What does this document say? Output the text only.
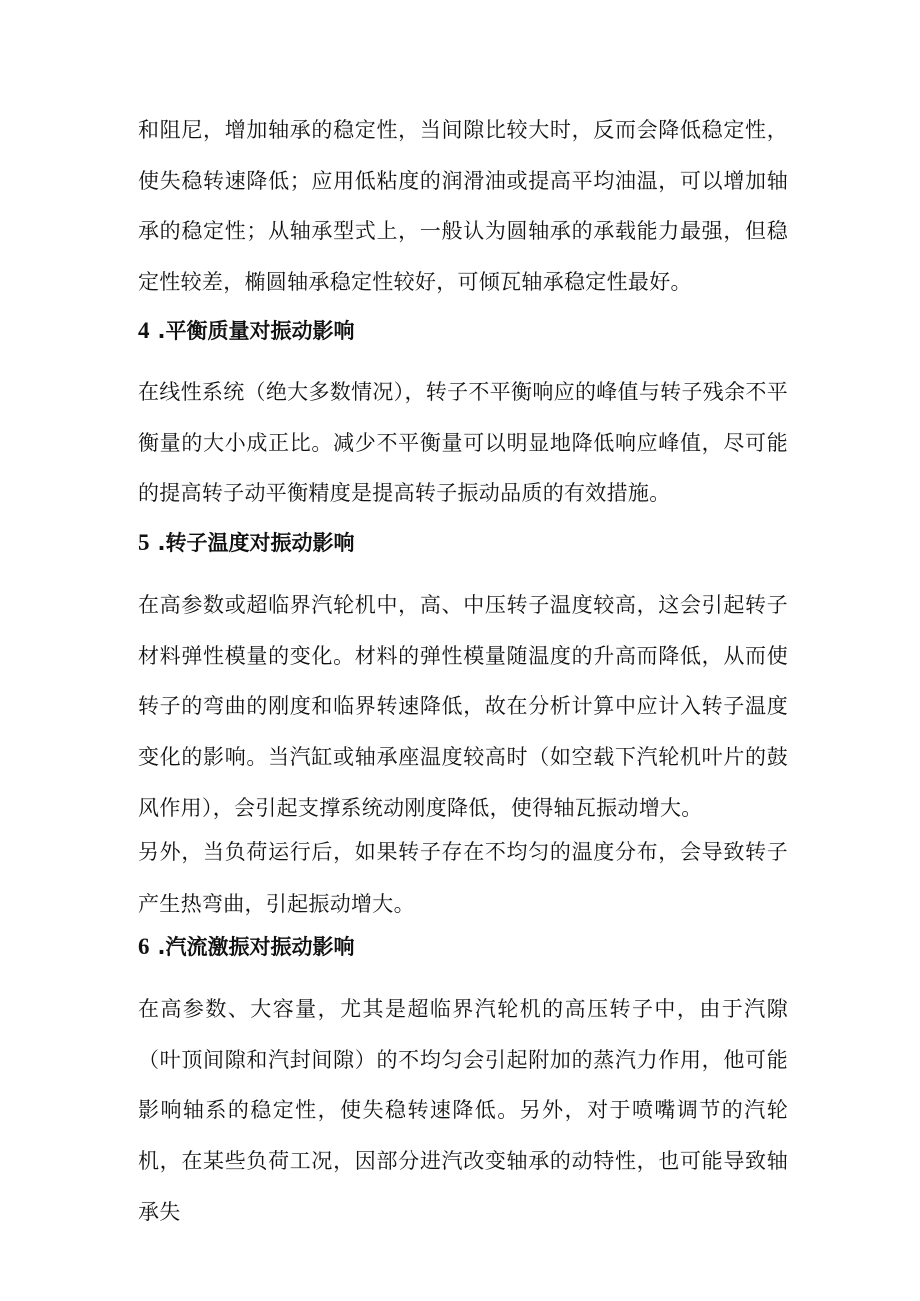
和阻尼，增加轴承的稳定性，当间隙比较大时，反而会降低稳定性，使失稳转速降低；应用低粘度的润滑油或提高平均油温，可以增加轴承的稳定性；从轴承型式上，一般认为圆轴承的承载能力最强，但稳定性较差，椭圆轴承稳定性较好，可倾瓦轴承稳定性最好。

4 .平衡质量对振动影响

在线性系统（绝大多数情况），转子不平衡响应的峰值与转子残余不平衡量的大小成正比。减少不平衡量可以明显地降低响应峰值，尽可能的提高转子动平衡精度是提高转子振动品质的有效措施。

5 .转子温度对振动影响

在高参数或超临界汽轮机中，高、中压转子温度较高，这会引起转子材料弹性模量的变化。材料的弹性模量随温度的升高而降低，从而使转子的弯曲的刚度和临界转速降低，故在分析计算中应计入转子温度变化的影响。当汽缸或轴承座温度较高时（如空载下汽轮机叶片的鼓风作用），会引起支撑系统动刚度降低，使得轴瓦振动增大。

另外，当负荷运行后，如果转子存在不均匀的温度分布，会导致转子产生热弯曲，引起振动增大。

6 .汽流激振对振动影响

在高参数、大容量，尤其是超临界汽轮机的高压转子中，由于汽隙（叶顶间隙和汽封间隙）的不均匀会引起附加的蒸汽力作用，他可能影响轴系的稳定性，使失稳转速降低。另外，对于喷嘴调节的汽轮机，在某些负荷工况，因部分进汽改变轴承的动特性，也可能导致轴承失
